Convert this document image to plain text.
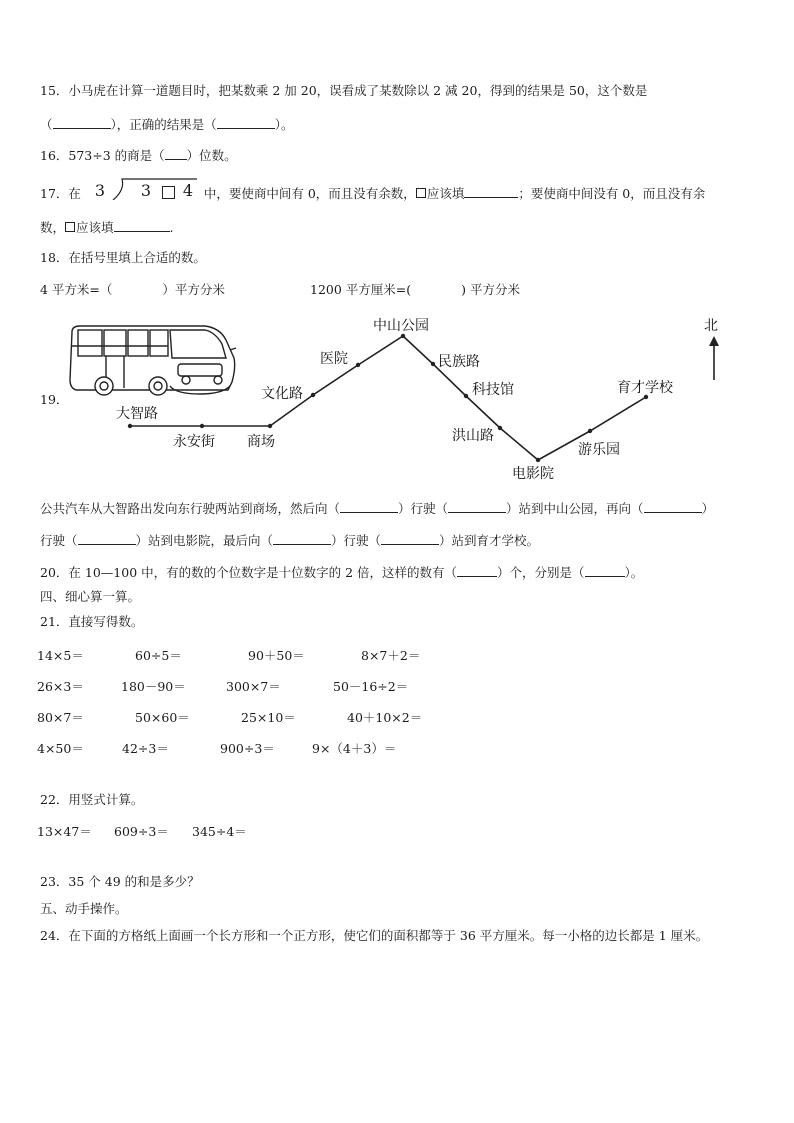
15．小马虎在计算一道题目时，把某数乘 2 加 20，误看成了某数除以 2 减 20，得到的结果是 50，这个数是
（	），正确的结果是（	）。
16．573÷3 的商是（ ）位数。
17．在 3 3 4 中，要使商中间有 0，而且没有余数， 应该填	；要使商中间没有 0，而且没有余
数， 应该填	.
18．在括号里填上合适的数。
4 平方米=（　　　　）平方分米	1200 平方厘米=(　　　　) 平方分米
19．
大智路
永安街 商场
文化路
医院
中山公园
民族路
科技馆
洪山路
电影院
游乐园
育才学校
北
公共汽车从大智路出发向东行驶两站到商场，然后向（	）行驶（	）站到中山公园，再向（	）
行驶（	）站到电影院，最后向（	）行驶（	）站到育才学校。
20．在 10—100 中，有的数的个位数字是十位数字的 2 倍，这样的数有（	）个，分别是（	）。
四、细心算一算。
21．直接写得数。
14×5＝	60÷5＝	90＋50＝	8×7＋2＝
26×3＝	180－90＝	300×7＝	50－16÷2＝
80×7＝	50×60＝	25×10＝	40＋10×2＝
4×50＝	42÷3＝	900÷3＝	9×（4＋3）＝
22．用竖式计算。
13×47＝ 609÷3＝ 345÷4＝
23．35 个 49 的和是多少？
五、动手操作。
24．在下面的方格纸上面画一个长方形和一个正方形，使它们的面积都等于 36 平方厘米。每一小格的边长都是 1 厘米。
